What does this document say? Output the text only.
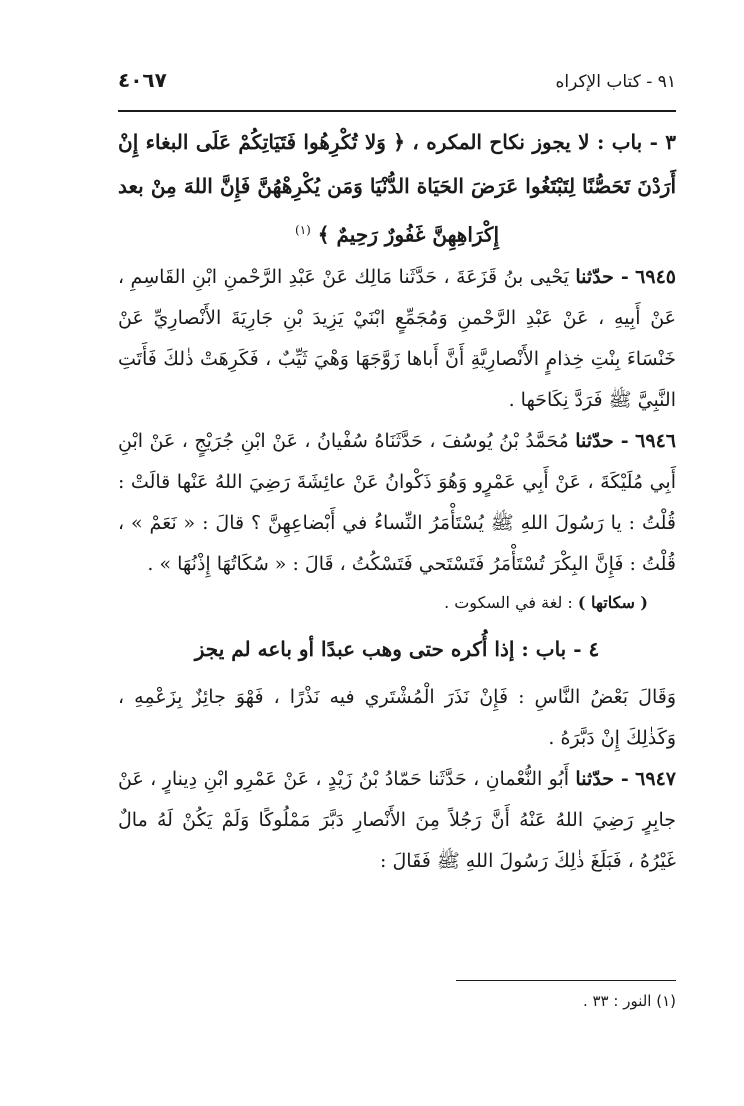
٩١ - كتاب الإكراه
٤٠٦٧

٣ - باب : لا يجوز نكاح المكره ، ﴿ وَلا تُكْرِهُوا فَتَيَاتِكُمْ عَلَى البغاء إِنْ أَرَدْنَ تَحَصُّنًا لِتَبْتَغُوا عَرَضَ الحَيَاة الدُّنْيَا وَمَن يُكْرِهْهُنَّ فَإِنَّ اللهَ مِنْ بعد إِكْرَاهِهِنَّ غَفُورٌ رَحِيمٌ ﴾ $^{(١)}$

٦٩٤٥ - حدّثنا يَحْيى بنُ قَزَعَةَ ، حَدَّثَنا مَالِك عَنْ عَبْدِ الرَّحْمنِ ابْنِ القَاسِمِ ، عَنْ أَبِيهِ ، عَنْ عَبْدِ الرَّحْمنِ وَمُجَمِّعٍ ابْنَيْ يَزِيدَ بْنِ جَارِيَةَ الأَنْصارِيِّ عَنْ خَنْسَاءَ بِنْتِ خِذامٍ الأَنْصارِيَّةِ أَنَّ أَباها زَوَّجَهَا وَهْيَ ثَيِّبٌ ، فَكَرِهَتْ ذٰلكَ فَأَتَتِ النَّبِيَّ ﷺ فَرَدَّ نِكَاحَها .

٦٩٤٦ - حدّثنا مُحَمَّدُ بْنُ يُوسُفَ ، حَدَّثَنَاهُ سُفْيانُ ، عَنْ ابْنِ جُرَيْجٍ ، عَنْ ابْنِ أَبِي مُلَيْكَةَ ، عَنْ أَبِي عَمْرٍو وَهُوَ ذَكْوانُ عَنْ عائِشَةَ رَضِيَ اللهُ عَنْها قالَتْ : قُلْتُ : يا رَسُولَ اللهِ ﷺ يُسْتَأْمَرُ النِّساءُ في أَبْضاعِهِنَّ ؟ قالَ : « نَعَمْ » ، قُلْتُ : فَإِنَّ البِكْرَ تُسْتَأْمَرُ فَتَسْتَحي فَتَسْكُتُ ، قَالَ : « سُكَاتُهَا إِذْنُهَا » .

( سكاتها ) : لغة في السكوت .

٤ - باب : إذا أُكره حتى وهب عبدًا أو باعه لم يجز

وَقَالَ بَعْضُ النَّاسِ : فَإِنْ نَذَرَ الْمُشْتَري فيه نَذْرًا ، فَهْوَ جائِزٌ بِزَعْمِهِ ، وَكَذٰلِكَ إِنْ دَبَّرَهُ .

٦٩٤٧ - حدّثنا أَبُو النُّعْمانِ ، حَدَّثَنا حَمّادُ بْنُ زَيْدٍ ، عَنْ عَمْرِو ابْنِ دِينارٍ ، عَنْ جابِرٍ رَضِيَ اللهُ عَنْهُ أَنَّ رَجُلاً مِنَ الأَنْصارِ دَبَّرَ مَمْلُوكًا وَلَمْ يَكُنْ لَهُ مالٌ غَيْرُهُ ، فَبَلَغَ ذٰلِكَ رَسُولَ اللهِ ﷺ فَقَالَ :

(١) النور : ٣٣ .
